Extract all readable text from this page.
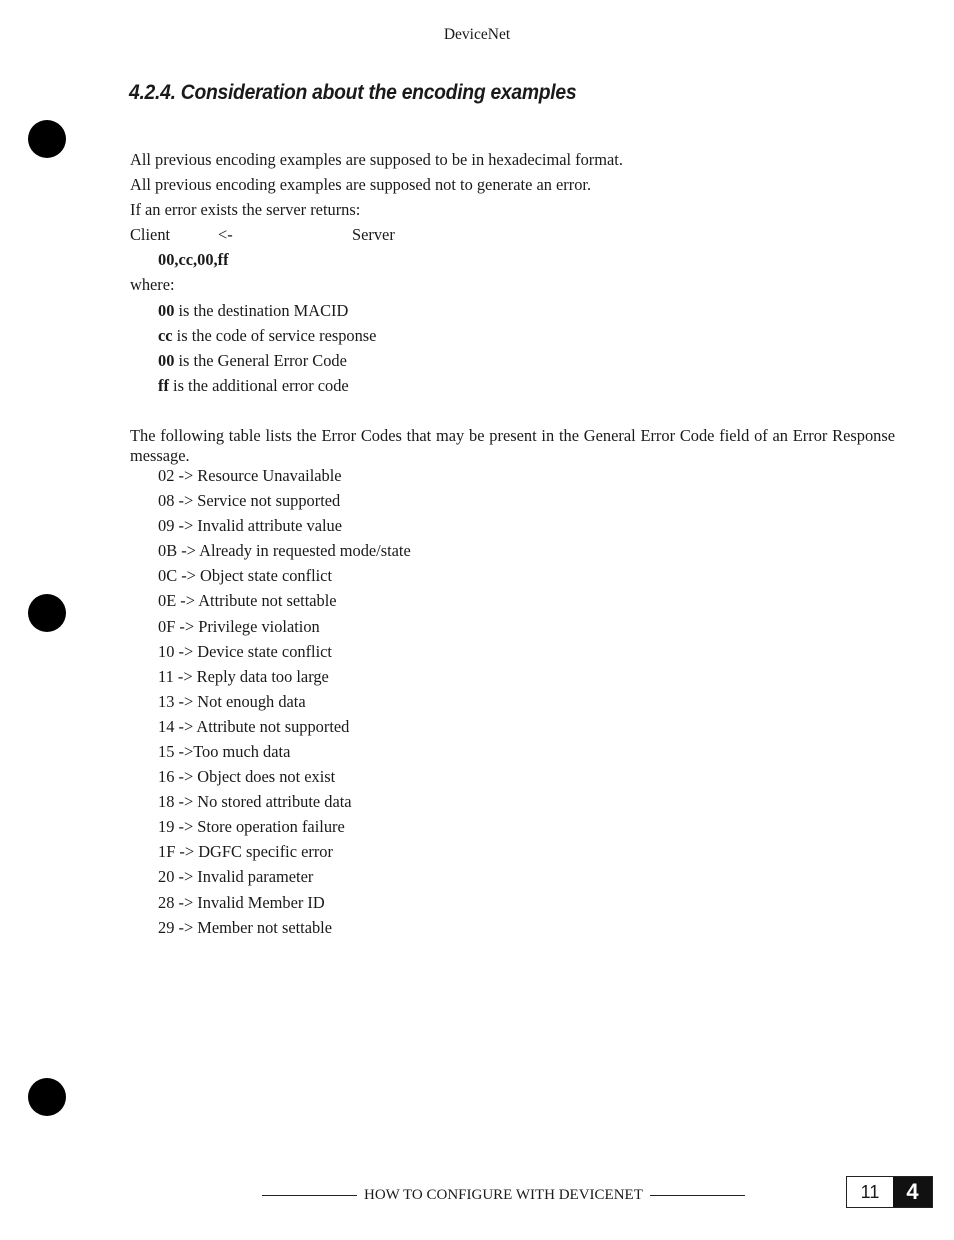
DeviceNet
4.2.4. Consideration about the encoding examples
All previous encoding examples are supposed to be in hexadecimal format.
All previous encoding examples are supposed not to generate an error.
If an error exists the server returns:
Client	<-	Server
00,cc,00,ff
where:
00 is the destination MACID
cc is the code of service response
00 is the General Error Code
ff is the additional error code
The following table lists the Error Codes that may be present in the General Error Code field of an Error Response message.
02 -> Resource Unavailable
08 -> Service not supported
09 -> Invalid attribute value
0B -> Already in requested mode/state
0C -> Object state conflict
0E -> Attribute not settable
0F -> Privilege violation
10 -> Device state conflict
11 -> Reply data too large
13 -> Not enough data
14 -> Attribute not supported
15 ->Too much data
16 -> Object does not exist
18 -> No stored attribute data
19 -> Store operation failure
1F -> DGFC specific error
20 -> Invalid parameter
28 -> Invalid Member ID
29 -> Member not settable
HOW TO CONFIGURE WITH DEVICENET	11	4
